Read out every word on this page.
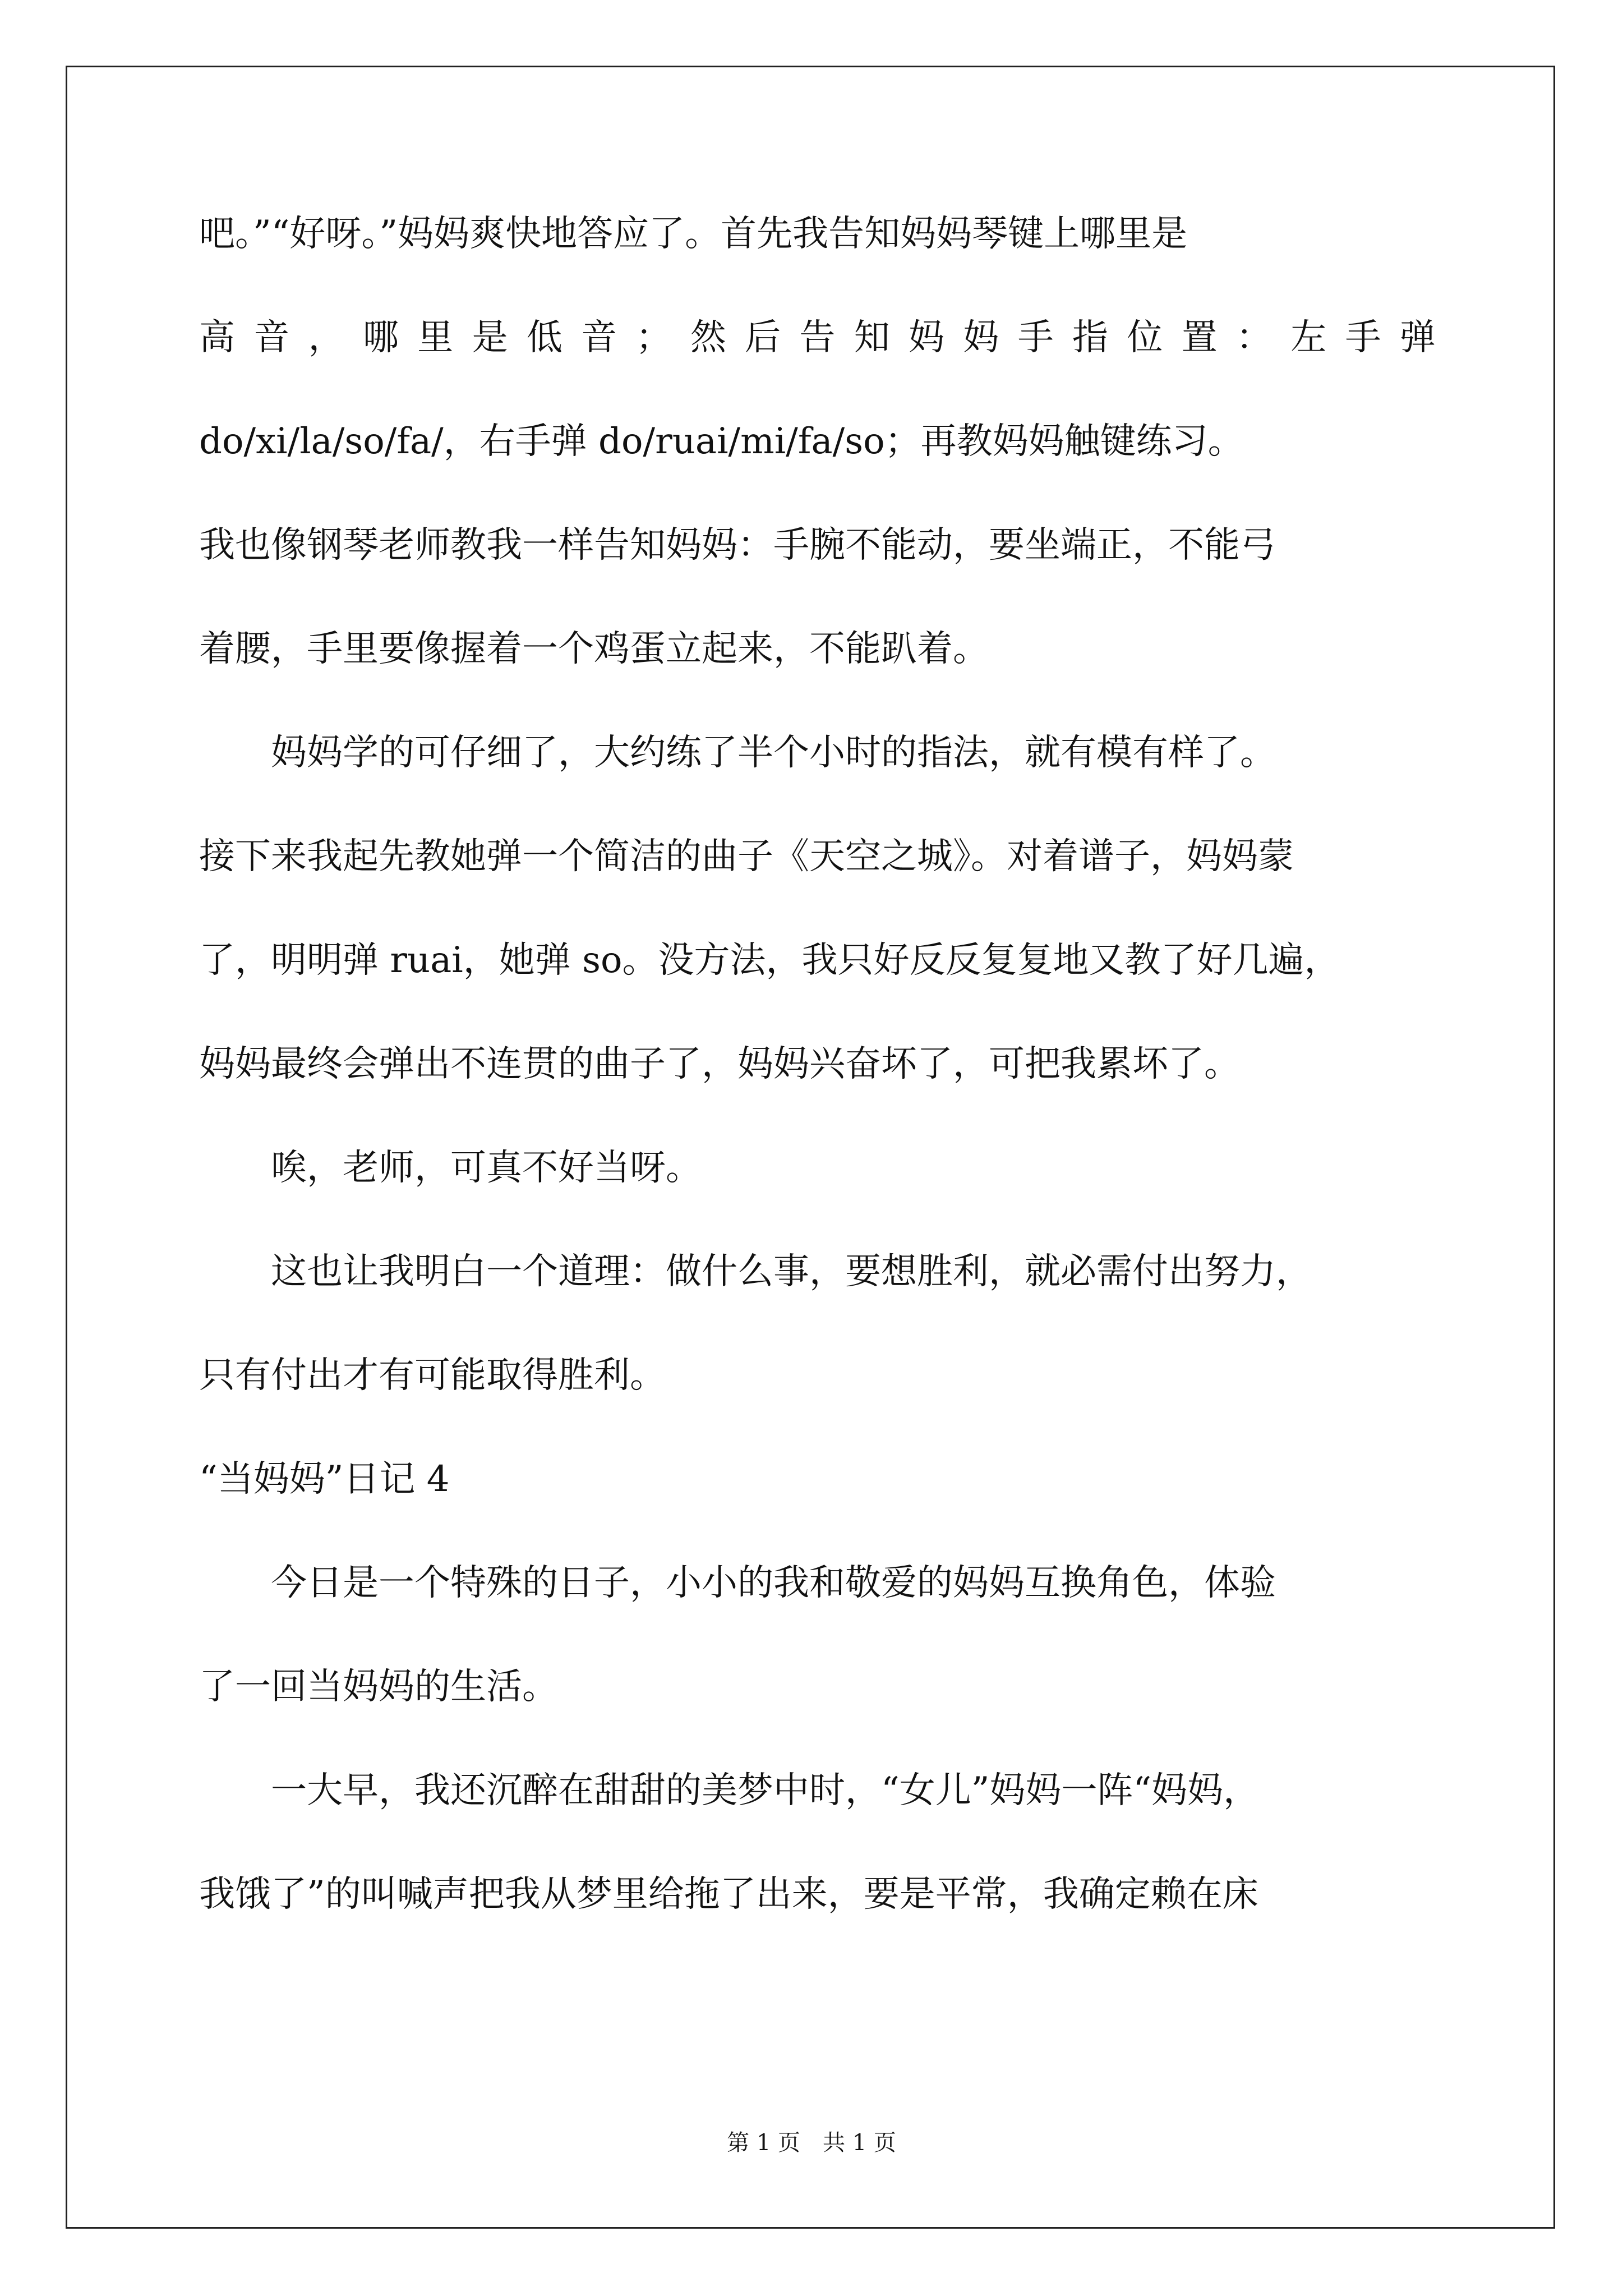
吧。”“好呀。”妈妈爽快地答应了。首先我告知妈妈琴键上哪里是
高 音 ， 哪 里 是 低 音 ； 然 后 告 知 妈 妈 手 指 位 置 ： 左 手 弹
do/xi/la/so/fa/，右手弹 do/ruai/mi/fa/so；再教妈妈触键练习。
我也像钢琴老师教我一样告知妈妈：手腕不能动，要坐端正，不能弓
着腰，手里要像握着一个鸡蛋立起来，不能趴着。
　　妈妈学的可仔细了，大约练了半个小时的指法，就有模有样了。
接下来我起先教她弹一个简洁的曲子《天空之城》。对着谱子，妈妈蒙
了，明明弹 ruai，她弹 so。没方法，我只好反反复复地又教了好几遍，
妈妈最终会弹出不连贯的曲子了，妈妈兴奋坏了，可把我累坏了。
　　唉，老师，可真不好当呀。
　　这也让我明白一个道理：做什么事，要想胜利，就必需付出努力，
只有付出才有可能取得胜利。
“当妈妈”日记 4
　　今日是一个特殊的日子，小小的我和敬爱的妈妈互换角色，体验
了一回当妈妈的生活。
　　一大早，我还沉醉在甜甜的美梦中时，“女儿”妈妈一阵“妈妈，
我饿了”的叫喊声把我从梦里给拖了出来，要是平常，我确定赖在床
第 1 页　共 1 页
